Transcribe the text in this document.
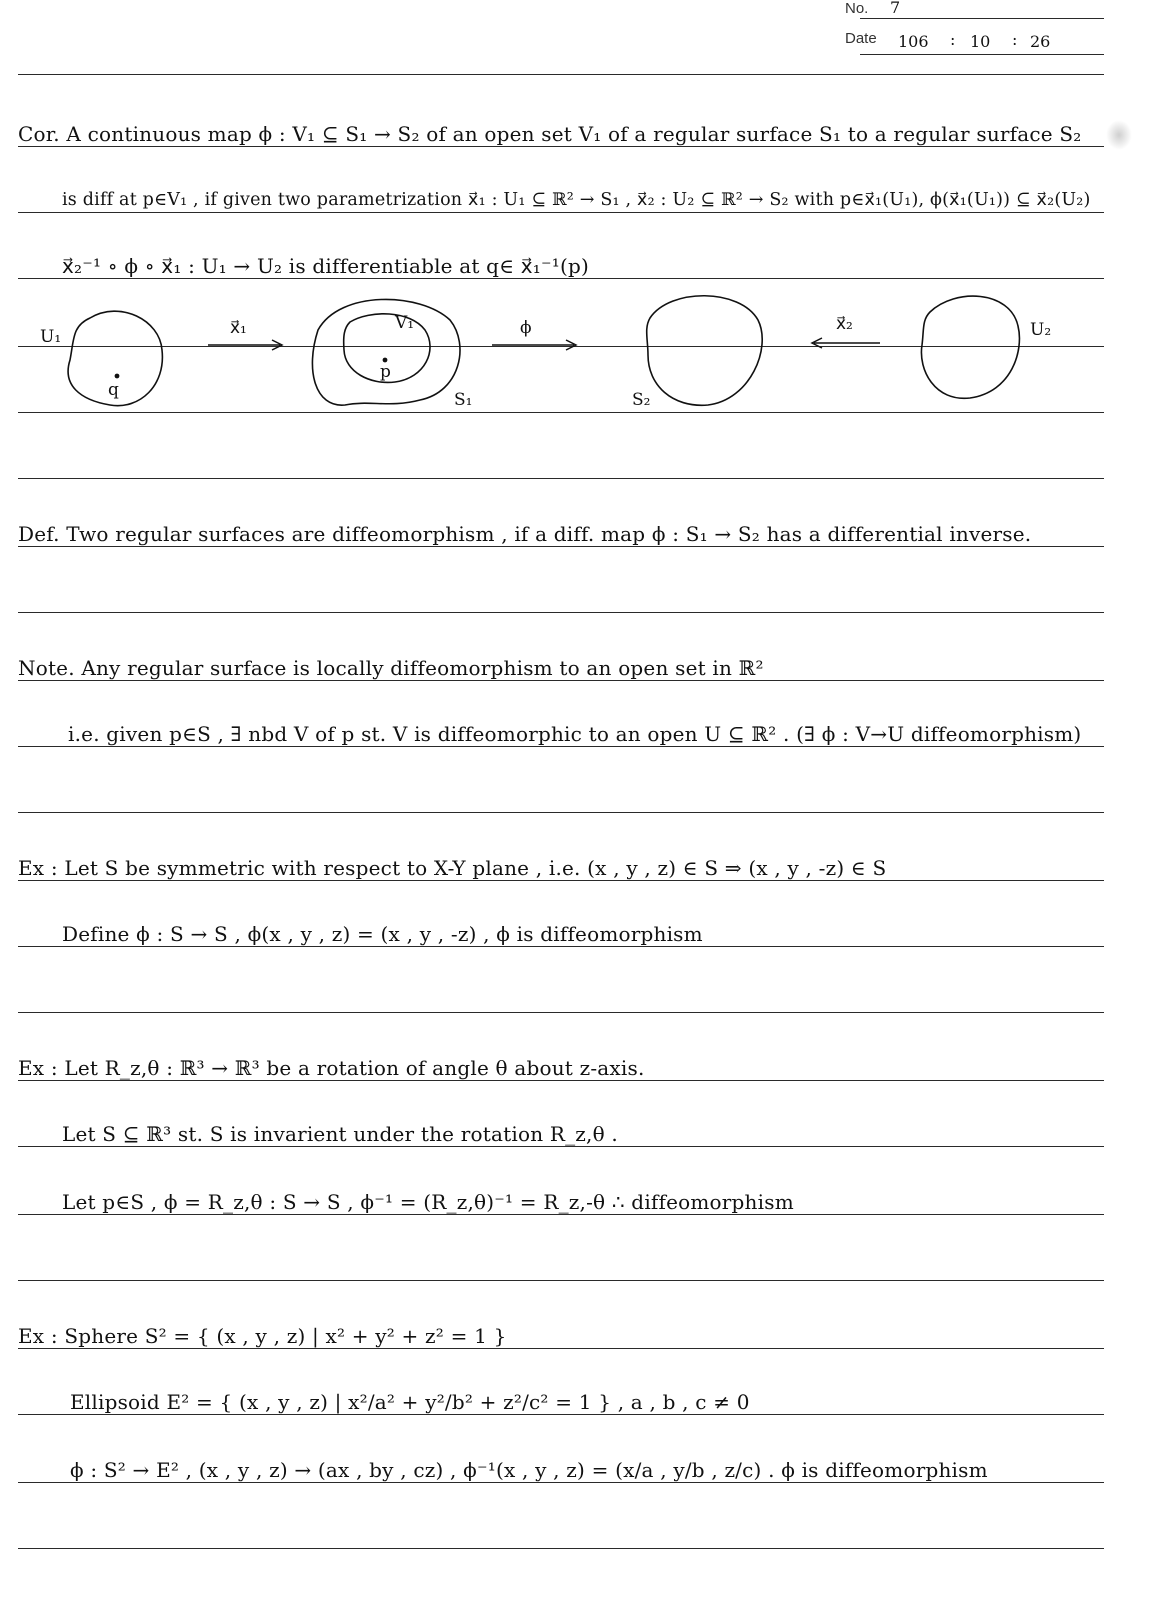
No. 7
Date 106 : 10 : 26
Cor. A continuous map ϕ : V₁ ⊆ S₁ → S₂ of an open set V₁ of a regular surface S₁ to a regular surface S₂
is diff at p∈V₁ , if given two parametrization x⃗₁ : U₁ ⊆ ℝ² → S₁ , x⃗₂ : U₂ ⊆ ℝ² → S₂ with p∈x⃗₁(U₁), ϕ(x⃗₁(U₁)) ⊆ x⃗₂(U₂)
x⃗₂⁻¹ ∘ ϕ ∘ x⃗₁ : U₁ → U₂ is differentiable at q∈ x⃗₁⁻¹(p)
U₁
q
x⃗₁	V₁
p
S₁
ϕ
S₂
x⃗₂	U₂
Def. Two regular surfaces are diffeomorphism , if a diff. map ϕ : S₁ → S₂ has a differential inverse.
Note. Any regular surface is locally diffeomorphism to an open set in ℝ²
i.e. given p∈S , ∃ nbd V of p st. V is diffeomorphic to an open U ⊆ ℝ² . (∃ ϕ : V→U diffeomorphism)
Ex : Let S be symmetric with respect to X-Y plane , i.e. (x , y , z) ∈ S ⇒ (x , y , -z) ∈ S
Define ϕ : S → S , ϕ(x , y , z) = (x , y , -z) , ϕ is diffeomorphism
Ex : Let R_z,θ : ℝ³ → ℝ³ be a rotation of angle θ about z-axis.
Let S ⊆ ℝ³ st. S is invarient under the rotation R_z,θ .
Let p∈S , ϕ = R_z,θ : S → S , ϕ⁻¹ = (R_z,θ)⁻¹ = R_z,-θ ∴ diffeomorphism
Ex : Sphere S² = { (x , y , z) | x² + y² + z² = 1 }
Ellipsoid E² = { (x , y , z) | x²/a² + y²/b² + z²/c² = 1 } , a , b , c ≠ 0
ϕ : S² → E² , (x , y , z) → (ax , by , cz) , ϕ⁻¹(x , y , z) = (x/a , y/b , z/c) . ϕ is diffeomorphism
